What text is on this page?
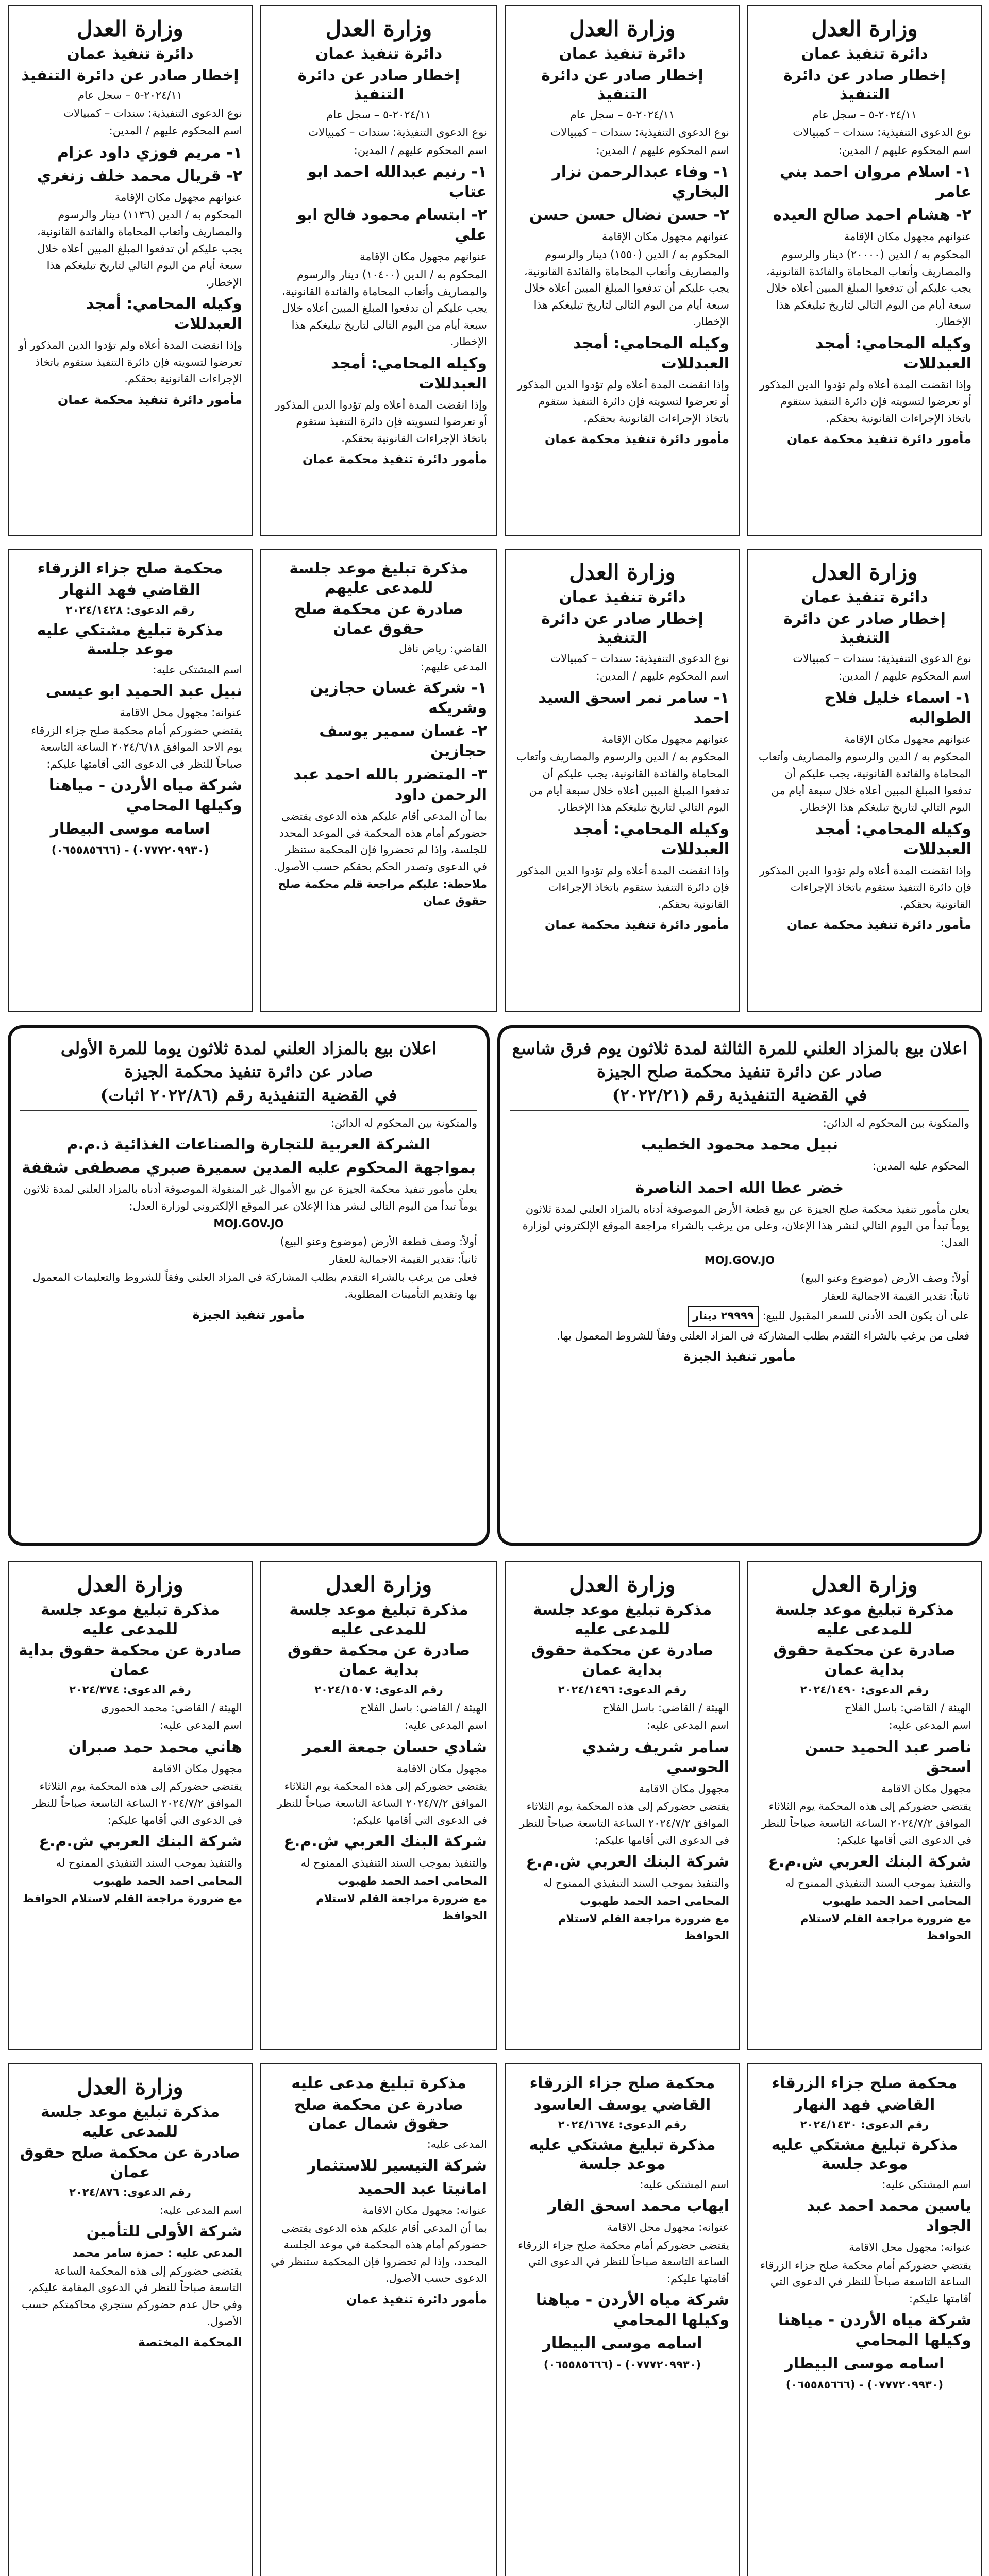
وزارة العدل
دائرة تنفيذ عمان
إخطار صادر عن دائرة التنفيذ
٢٠٢٤/١١-٥ – سجل عام
نوع الدعوى التنفيذية: سندات – كمبيالات
اسم المحكوم عليهم / المدين:
١- اسلام مروان احمد بني عامر
٢- هشام احمد صالح العيده
عنوانهم مجهول مكان الإقامة
المحكوم به / الدين (٢٠٠٠٠) دينار والرسوم والمصاريف وأتعاب المحاماة والفائدة القانونية، يجب عليكم أن تدفعوا المبلغ المبين أعلاه خلال سبعة أيام من اليوم التالي لتاريخ تبليغكم هذا الإخطار.
وكيله المحامي: أمجد العبدللات
وإذا انقضت المدة أعلاه ولم تؤدوا الدين المذكور أو تعرضوا لتسويته فإن دائرة التنفيذ ستقوم باتخاذ الإجراءات القانونية بحقكم.
مأمور دائرة تنفيذ محكمة عمان
وزارة العدل
دائرة تنفيذ عمان
إخطار صادر عن دائرة التنفيذ
٢٠٢٤/١١-٥ – سجل عام
نوع الدعوى التنفيذية: سندات – كمبيالات
اسم المحكوم عليهم / المدين:
١- وفاء عبدالرحمن نزار البخاري
٢- حسن نضال حسن حسن
عنوانهم مجهول مكان الإقامة
المحكوم به / الدين (١٥٥٠) دينار والرسوم والمصاريف وأتعاب المحاماة والفائدة القانونية، يجب عليكم أن تدفعوا المبلغ المبين أعلاه خلال سبعة أيام من اليوم التالي لتاريخ تبليغكم هذا الإخطار.
وكيله المحامي: أمجد العبدللات
وإذا انقضت المدة أعلاه ولم تؤدوا الدين المذكور أو تعرضوا لتسويته فإن دائرة التنفيذ ستقوم باتخاذ الإجراءات القانونية بحقكم.
مأمور دائرة تنفيذ محكمة عمان
وزارة العدل
دائرة تنفيذ عمان
إخطار صادر عن دائرة التنفيذ
٢٠٢٤/١١-٥ – سجل عام
نوع الدعوى التنفيذية: سندات – كمبيالات
اسم المحكوم عليهم / المدين:
١- رنيم عبدالله احمد ابو عتاب
٢- ابتسام محمود فالح ابو علي
عنوانهم مجهول مكان الإقامة
المحكوم به / الدين (١٠٤٠٠) دينار والرسوم والمصاريف وأتعاب المحاماة والفائدة القانونية، يجب عليكم أن تدفعوا المبلغ المبين أعلاه خلال سبعة أيام من اليوم التالي لتاريخ تبليغكم هذا الإخطار.
وكيله المحامي: أمجد العبدللات
وإذا انقضت المدة أعلاه ولم تؤدوا الدين المذكور أو تعرضوا لتسويته فإن دائرة التنفيذ ستقوم باتخاذ الإجراءات القانونية بحقكم.
مأمور دائرة تنفيذ محكمة عمان
وزارة العدل
دائرة تنفيذ عمان
إخطار صادر عن دائرة التنفيذ
٢٠٢٤/١١-٥ – سجل عام
نوع الدعوى التنفيذية: سندات – كمبيالات
اسم المحكوم عليهم / المدين:
١- مريم فوزي داود عزام
٢- قريال محمد خلف زنغري
عنوانهم مجهول مكان الإقامة
المحكوم به / الدين (١١٣٦) دينار والرسوم والمصاريف وأتعاب المحاماة والفائدة القانونية، يجب عليكم أن تدفعوا المبلغ المبين أعلاه خلال سبعة أيام من اليوم التالي لتاريخ تبليغكم هذا الإخطار.
وكيله المحامي: أمجد العبدللات
وإذا انقضت المدة أعلاه ولم تؤدوا الدين المذكور أو تعرضوا لتسويته فإن دائرة التنفيذ ستقوم باتخاذ الإجراءات القانونية بحقكم.
مأمور دائرة تنفيذ محكمة عمان
وزارة العدل
دائرة تنفيذ عمان
إخطار صادر عن دائرة التنفيذ
نوع الدعوى التنفيذية: سندات – كمبيالات
اسم المحكوم عليهم / المدين:
١- اسماء خليل فلاح الطوالبه
عنوانهم مجهول مكان الإقامة
المحكوم به / الدين والرسوم والمصاريف وأتعاب المحاماة والفائدة القانونية، يجب عليكم أن تدفعوا المبلغ المبين أعلاه خلال سبعة أيام من اليوم التالي لتاريخ تبليغكم هذا الإخطار.
وكيله المحامي: أمجد العبدللات
وإذا انقضت المدة أعلاه ولم تؤدوا الدين المذكور فإن دائرة التنفيذ ستقوم باتخاذ الإجراءات القانونية بحقكم.
مأمور دائرة تنفيذ محكمة عمان
وزارة العدل
دائرة تنفيذ عمان
إخطار صادر عن دائرة التنفيذ
نوع الدعوى التنفيذية: سندات – كمبيالات
اسم المحكوم عليهم / المدين:
١- سامر نمر اسحق السيد احمد
عنوانهم مجهول مكان الإقامة
المحكوم به / الدين والرسوم والمصاريف وأتعاب المحاماة والفائدة القانونية، يجب عليكم أن تدفعوا المبلغ المبين أعلاه خلال سبعة أيام من اليوم التالي لتاريخ تبليغكم هذا الإخطار.
وكيله المحامي: أمجد العبدللات
وإذا انقضت المدة أعلاه ولم تؤدوا الدين المذكور فإن دائرة التنفيذ ستقوم باتخاذ الإجراءات القانونية بحقكم.
مأمور دائرة تنفيذ محكمة عمان
مذكرة تبليغ موعد جلسة للمدعى عليهم
صادرة عن محكمة صلح حقوق عمان
القاضي: رياض نافل
المدعى عليهم:
١- شركة غسان حجازين وشريكه
٢- غسان سمير يوسف حجازين
٣- المتضرر بالله احمد عبد الرحمن داود
بما أن المدعي أقام عليكم هذه الدعوى يقتضي حضوركم أمام هذه المحكمة في الموعد المحدد للجلسة، وإذا لم تحضروا فإن المحكمة ستنظر في الدعوى وتصدر الحكم بحقكم حسب الأصول.
ملاحظة: عليكم مراجعة قلم محكمة صلح حقوق عمان
محكمة صلح جزاء الزرقاء
القاضي فهد النهار
رقم الدعوى: ٢٠٢٤/١٤٢٨
مذكرة تبليغ مشتكي عليه موعد جلسة
اسم المشتكى عليه:
نبيل عبد الحميد ابو عيسى
عنوانه: مجهول محل الاقامة
يقتضي حضوركم أمام محكمة صلح جزاء الزرقاء يوم الاحد الموافق ٢٠٢٤/٦/١٨ الساعة التاسعة صباحاً للنظر في الدعوى التي أقامتها عليكم:
شركة مياه الأردن - مياهنا وكيلها المحامي
اسامه موسى البيطار
(٠٧٧٧٢٠٩٩٣٠) - (٠٦٥٥٨٥٦٦٦)
اعلان بيع بالمزاد العلني للمرة الثالثة لمدة ثلاثون يوم فرق شاسع
صادر عن دائرة تنفيذ محكمة صلح الجيزة
في القضية التنفيذية رقم (٢٠٢٢/٢١)
والمتكونة بين المحكوم له الدائن:
نبيل محمد محمود الخطيب
المحكوم عليه المدين:
خضر عطا الله احمد الناصرة
يعلن مأمور تنفيذ محكمة صلح الجيزة عن بيع قطعة الأرض الموصوفة أدناه بالمزاد العلني لمدة ثلاثون يوماً تبدأ من اليوم التالي لنشر هذا الإعلان، وعلى من يرغب بالشراء مراجعة الموقع الإلكتروني لوزارة العدل:
MOJ.GOV.JO
أولاً: وصف الأرض (موضوع وعنو البيع)
ثانياً: تقدير القيمة الاجمالية للعقار
على أن يكون الحد الأدنى للسعر المقبول للبيع: ٢٩٩٩٩ دينار
فعلى من يرغب بالشراء التقدم بطلب المشاركة في المزاد العلني وفقاً للشروط المعمول بها.
مأمور تنفيذ الجيزة
اعلان بيع بالمزاد العلني لمدة ثلاثون يوما للمرة الأولى
صادر عن دائرة تنفيذ محكمة الجيزة
في القضية التنفيذية رقم (٢٠٢٢/٨٦ اثبات)
والمتكونة بين المحكوم له الدائن:
الشركة العربية للتجارة والصناعات الغذائية ذ.م.م
بمواجهة المحكوم عليه المدين سميرة صبري مصطفى شقفة
يعلن مأمور تنفيذ محكمة الجيزة عن بيع الأموال غير المنقولة الموصوفة أدناه بالمزاد العلني لمدة ثلاثون يوماً تبدأ من اليوم التالي لنشر هذا الإعلان عبر الموقع الإلكتروني لوزارة العدل:
MOJ.GOV.JO
أولاً: وصف قطعة الأرض (موضوع وعنو البيع)
ثانياً: تقدير القيمة الاجمالية للعقار
فعلى من يرغب بالشراء التقدم بطلب المشاركة في المزاد العلني وفقاً للشروط والتعليمات المعمول بها وتقديم التأمينات المطلوبة.
مأمور تنفيذ الجيزة
وزارة العدل
مذكرة تبليغ موعد جلسة للمدعى عليه
صادرة عن محكمة حقوق بداية عمان
رقم الدعوى: ٢٠٢٤/١٤٩٠
الهيئة / القاضي: باسل الفلاح
اسم المدعى عليه:
ناصر عبد الحميد حسن اسحق
مجهول مكان الاقامة
يقتضي حضوركم إلى هذه المحكمة يوم الثلاثاء الموافق ٢٠٢٤/٧/٢ الساعة التاسعة صباحاً للنظر في الدعوى التي أقامها عليكم:
شركة البنك العربي ش.م.ع
والتنفيذ بموجب السند التنفيذي الممنوح له
المحامي احمد الحمد طهبوب
مع ضرورة مراجعة القلم لاستلام الحوافظ
وزارة العدل
مذكرة تبليغ موعد جلسة للمدعى عليه
صادرة عن محكمة حقوق بداية عمان
رقم الدعوى: ٢٠٢٤/١٤٩٦
الهيئة / القاضي: باسل الفلاح
اسم المدعى عليه:
سامر شريف رشدي الحوسي
مجهول مكان الاقامة
يقتضي حضوركم إلى هذه المحكمة يوم الثلاثاء الموافق ٢٠٢٤/٧/٢ الساعة التاسعة صباحاً للنظر في الدعوى التي أقامها عليكم:
شركة البنك العربي ش.م.ع
والتنفيذ بموجب السند التنفيذي الممنوح له
المحامي احمد الحمد طهبوب
مع ضرورة مراجعة القلم لاستلام الحوافظ
وزارة العدل
مذكرة تبليغ موعد جلسة للمدعى عليه
صادرة عن محكمة حقوق بداية عمان
رقم الدعوى: ٢٠٢٤/١٥٠٧
الهيئة / القاضي: باسل الفلاح
اسم المدعى عليه:
شادي حسان جمعة العمر
مجهول مكان الاقامة
يقتضي حضوركم إلى هذه المحكمة يوم الثلاثاء الموافق ٢٠٢٤/٧/٢ الساعة التاسعة صباحاً للنظر في الدعوى التي أقامها عليكم:
شركة البنك العربي ش.م.ع
والتنفيذ بموجب السند التنفيذي الممنوح له
المحامي احمد الحمد طهبوب
مع ضرورة مراجعة القلم لاستلام الحوافظ
وزارة العدل
مذكرة تبليغ موعد جلسة للمدعى عليه
صادرة عن محكمة حقوق بداية عمان
رقم الدعوى: ٢٠٢٤/٣٧٤
الهيئة / القاضي: محمد الحموري
اسم المدعى عليه:
هاني محمد حمد صبران
مجهول مكان الاقامة
يقتضي حضوركم إلى هذه المحكمة يوم الثلاثاء الموافق ٢٠٢٤/٧/٢ الساعة التاسعة صباحاً للنظر في الدعوى التي أقامها عليكم:
شركة البنك العربي ش.م.ع
والتنفيذ بموجب السند التنفيذي الممنوح له
المحامي احمد الحمد طهبوب
مع ضرورة مراجعة القلم لاستلام الحوافظ
محكمة صلح جزاء الزرقاء
القاضي فهد النهار
رقم الدعوى: ٢٠٢٤/١٤٣٠
مذكرة تبليغ مشتكي عليه موعد جلسة
اسم المشتكى عليه:
ياسين محمد احمد عبد الجواد
عنوانه: مجهول محل الاقامة
يقتضي حضوركم أمام محكمة صلح جزاء الزرقاء الساعة التاسعة صباحاً للنظر في الدعوى التي أقامتها عليكم:
شركة مياه الأردن - مياهنا وكيلها المحامي
اسامه موسى البيطار
(٠٧٧٧٢٠٩٩٣٠) - (٠٦٥٥٨٥٦٦٦)
محكمة صلح جزاء الزرقاء
القاضي يوسف العاسود
رقم الدعوى: ٢٠٢٤/١٦٧٤
مذكرة تبليغ مشتكي عليه موعد جلسة
اسم المشتكى عليه:
ايهاب محمد اسحق الفار
عنوانه: مجهول محل الاقامة
يقتضي حضوركم أمام محكمة صلح جزاء الزرقاء الساعة التاسعة صباحاً للنظر في الدعوى التي أقامتها عليكم:
شركة مياه الأردن - مياهنا وكيلها المحامي
اسامه موسى البيطار
(٠٧٧٧٢٠٩٩٣٠) - (٠٦٥٥٨٥٦٦٦)
مذكرة تبليغ مدعى عليه
صادرة عن محكمة صلح حقوق شمال عمان
المدعى عليه:
شركة التيسير للاستثمار
امانيتا عبد الحميد
عنوانه: مجهول مكان الاقامة
بما أن المدعي أقام عليكم هذه الدعوى يقتضي حضوركم أمام هذه المحكمة في موعد الجلسة المحدد، وإذا لم تحضروا فإن المحكمة ستنظر في الدعوى حسب الأصول.
مأمور دائرة تنفيذ عمان
وزارة العدل
مذكرة تبليغ موعد جلسة للمدعى عليه
صادرة عن محكمة صلح حقوق عمان
رقم الدعوى: ٢٠٢٤/٨٧٦
اسم المدعى عليه:
شركة الأولى للتأمين
المدعي عليه : حمزة سامر محمد
يقتضي حضوركم إلى هذه المحكمة الساعة التاسعة صباحاً للنظر في الدعوى المقامة عليكم، وفي حال عدم حضوركم ستجري محاكمتكم حسب الأصول.
المحكمة المختصة
